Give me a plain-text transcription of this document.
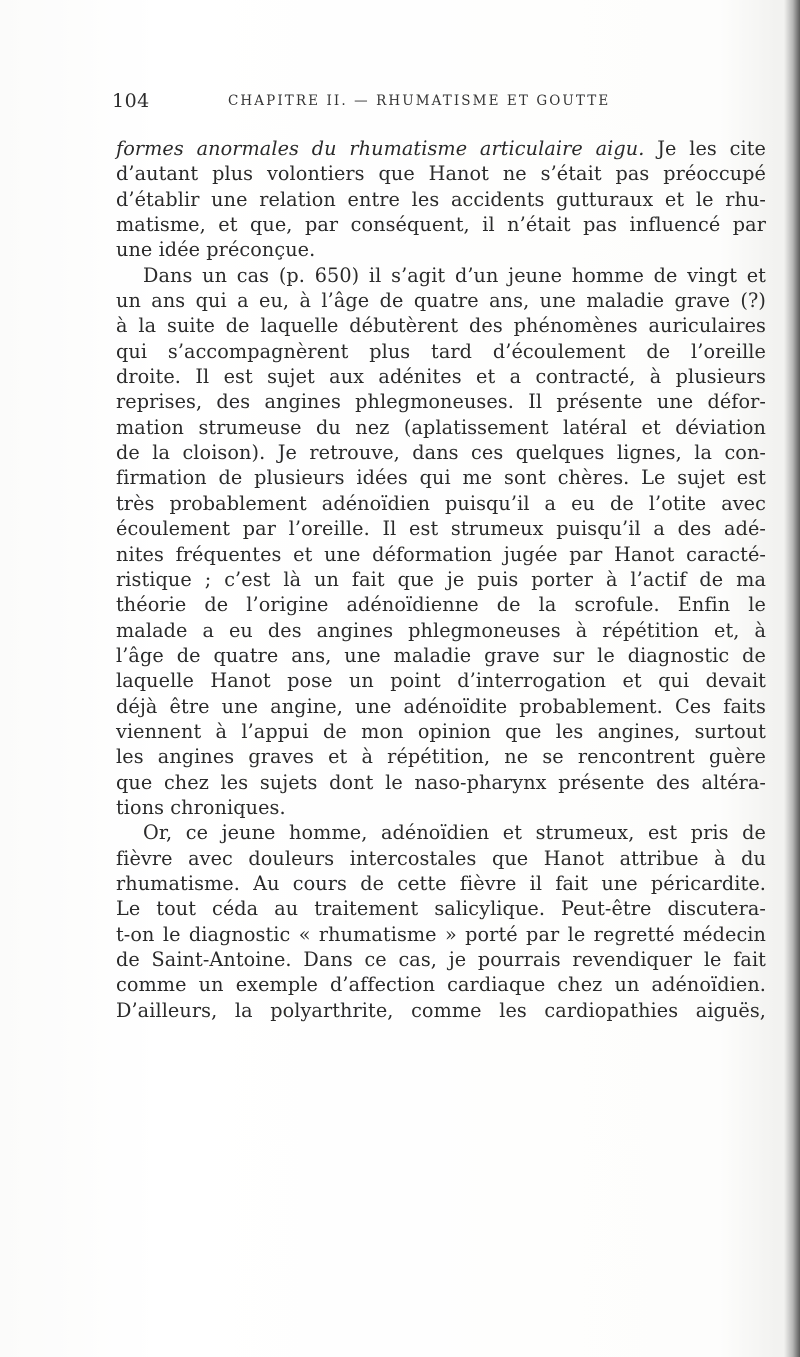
104	CHAPITRE II. — RHUMATISME ET GOUTTE
formes anormales du rhumatisme articulaire aigu. Je les cite
d’autant plus volontiers que Hanot ne s’était pas préoccupé
d’établir une relation entre les accidents gutturaux et le rhu-
matisme, et que, par conséquent, il n’était pas influencé par
une idée préconçue.
Dans un cas (p. 650) il s’agit d’un jeune homme de vingt et
un ans qui a eu, à l’âge de quatre ans, une maladie grave (?)
à la suite de laquelle débutèrent des phénomènes auriculaires
qui s’accompagnèrent plus tard d’écoulement de l’oreille
droite. Il est sujet aux adénites et a contracté, à plusieurs
reprises, des angines phlegmoneuses. Il présente une défor-
mation strumeuse du nez (aplatissement latéral et déviation
de la cloison). Je retrouve, dans ces quelques lignes, la con-
firmation de plusieurs idées qui me sont chères. Le sujet est
très probablement adénoïdien puisqu’il a eu de l’otite avec
écoulement par l’oreille. Il est strumeux puisqu’il a des adé-
nites fréquentes et une déformation jugée par Hanot caracté-
ristique ; c’est là un fait que je puis porter à l’actif de ma
théorie de l’origine adénoïdienne de la scrofule. Enfin le
malade a eu des angines phlegmoneuses à répétition et, à
l’âge de quatre ans, une maladie grave sur le diagnostic de
laquelle Hanot pose un point d’interrogation et qui devait
déjà être une angine, une adénoïdite probablement. Ces faits
viennent à l’appui de mon opinion que les angines, surtout
les angines graves et à répétition, ne se rencontrent guère
que chez les sujets dont le naso-pharynx présente des altéra-
tions chroniques.
Or, ce jeune homme, adénoïdien et strumeux, est pris de
fièvre avec douleurs intercostales que Hanot attribue à du
rhumatisme. Au cours de cette fièvre il fait une péricardite.
Le tout céda au traitement salicylique. Peut-être discutera-
t-on le diagnostic « rhumatisme » porté par le regretté médecin
de Saint-Antoine. Dans ce cas, je pourrais revendiquer le fait
comme un exemple d’affection cardiaque chez un adénoïdien.
D’ailleurs, la polyarthrite, comme les cardiopathies aiguës,
